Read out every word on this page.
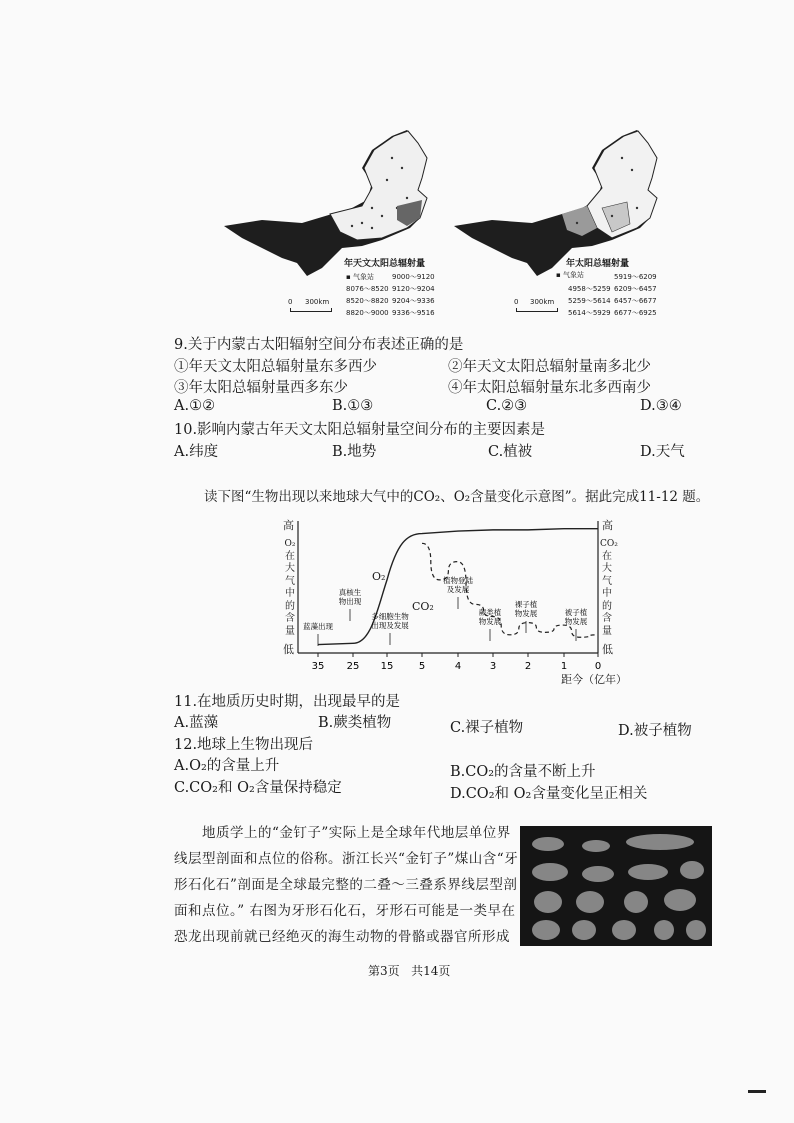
年天文太阳总辐射量
▪ 气象站	9000～9120
8076～8520 9120～9204
8520～8820 9204～9336
8820～9000 9336～9516
0 300km
年太阳总辐射量
▪ 气象站	5919～6209
4958～5259 6209～6457
5259～5614 6457～6677
5614～5929 6677～6925
0 300km
9.关于内蒙古太阳辐射空间分布表述正确的是
①年天文太阳总辐射量东多西少	②年天文太阳总辐射量南多北少
③年太阳总辐射量西多东少	④年太阳总辐射量东北多西南少
A.①②	B.①③	C.②③	D.③④
10.影响内蒙古年天文太阳总辐射量空间分布的主要因素是
A.纬度	B.地势	C.植被	D.天气
读下图“生物出现以来地球大气中的CO₂、O₂含量变化示意图”。据此完成11-12 题。
35 25 15	5	4	3	2	1	0
蓝藻出现
真核生
物出现
多细胞生物
出现及发展
植物登陆
及发展
蕨类植
物发展
裸子植
物发展	被子植
物发展
高
低
高
低
O₂
在
大
气
中
的
含
量
CO₂
在
大
气
中
的
含
量
O₂
CO₂
距今（亿年）
11.在地质历史时期，出现最早的是
A.蓝藻	B.蕨类植物	C.裸子植物	D.被子植物
12.地球上生物出现后
A.O₂的含量上升	B.CO₂的含量不断上升
C.CO₂和 O₂含量保持稳定	D.CO₂和 O₂含量变化呈正相关
地质学上的“金钉子”实际上是全球年代地层单位界
线层型剖面和点位的俗称。浙江长兴“金钉子”煤山含“牙
形石化石”剖面是全球最完整的二叠～三叠系界线层型剖
面和点位。” 右图为牙形石化石，牙形石可能是一类早在
恐龙出现前就已经绝灭的海生动物的骨骼或器官所形成
第3页   共14页
